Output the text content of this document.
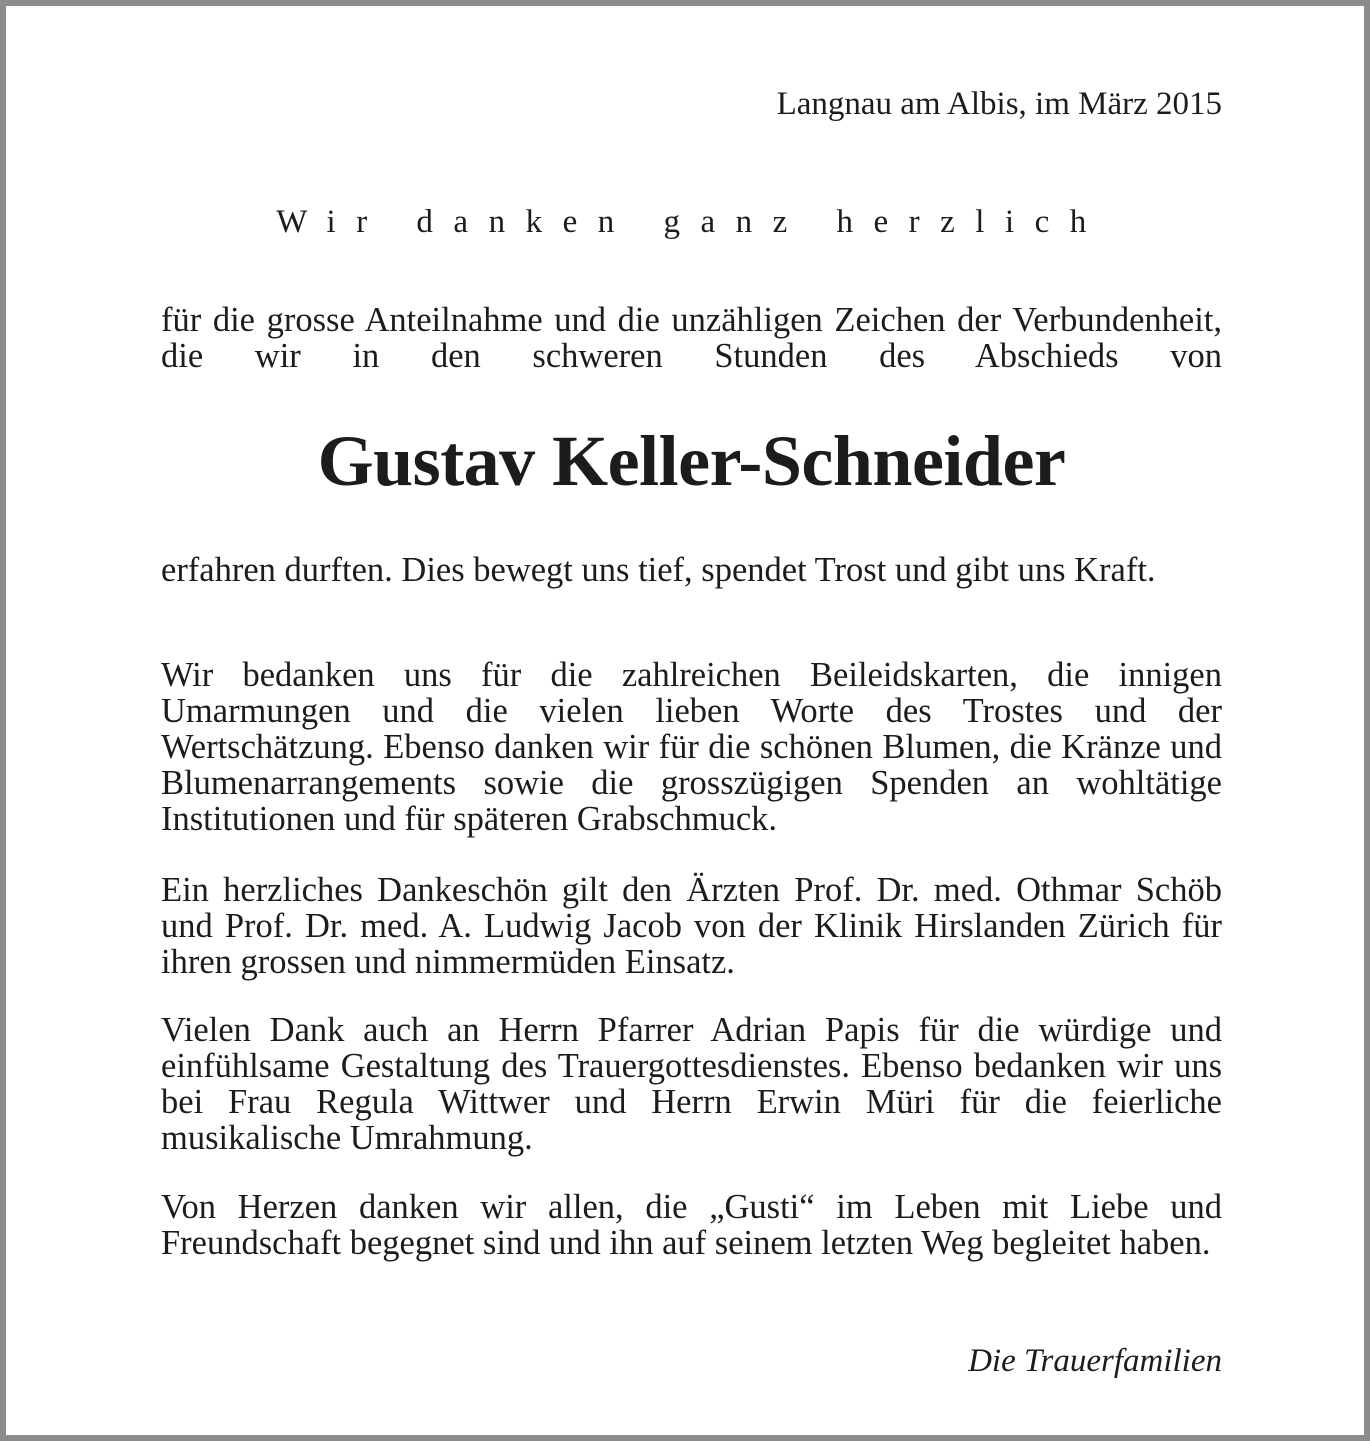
Langnau am Albis, im März 2015
Wir danken ganz herzlich

für die grosse Anteilnahme und die unzähligen Zeichen der Verbundenheit, die wir in den schweren Stunden des Abschieds von

Gustav Keller-Schneider

erfahren durften. Dies bewegt uns tief, spendet Trost und gibt uns Kraft.

Wir bedanken uns für die zahlreichen Beileidskarten, die innigen Umarmungen und die vielen lieben Worte des Trostes und der Wertschätzung. Ebenso danken wir für die schönen Blumen, die Kränze und Blumenarrangements sowie die grosszügigen Spenden an wohltätige Institutionen und für späteren Grabschmuck.

Ein herzliches Dankeschön gilt den Ärzten Prof. Dr. med. Othmar Schöb und Prof. Dr. med. A. Ludwig Jacob von der Klinik Hirslanden Zürich für ihren grossen und nimmermüden Einsatz.

Vielen Dank auch an Herrn Pfarrer Adrian Papis für die würdige und einfühlsame Gestaltung des Trauergottesdienstes. Ebenso bedanken wir uns bei Frau Regula Wittwer und Herrn Erwin Müri für die feierliche musikalische Umrahmung.

Von Herzen danken wir allen, die „Gusti“ im Leben mit Liebe und Freundschaft begegnet sind und ihn auf seinem letzten Weg begleitet haben.

Die Trauerfamilien
